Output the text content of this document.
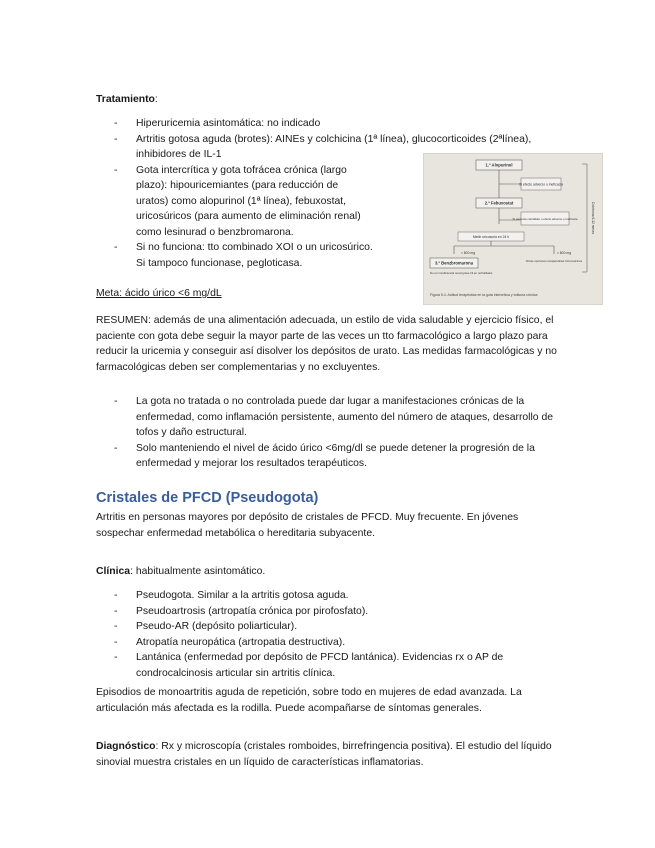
Tratamiento:
- Hiperuricemia asintomática: no indicado
- Artritis gotosa aguda (brotes): AINEs y colchicina (1ª línea), glucocorticoides (2ªlínea), inhibidores de IL-1
- Gota intercrítica y gota tofrácea crónica (largo plazo): hipouricemiantes (para reducción de uratos) como alopurinol (1ª línea), febuxostat, uricosúricos (para aumento de eliminación renal) como lesinurad o benzbromarona.
- Si no funciona: tto combinado XOI o un uricosúrico. Si tampoco funcionase, pegloticasa.
1.º Alopurinol
Si efecto adverso o ineficacia
2.º Febuxostat
Si paciente candidato o efecto adverso o ineficacia
Medir uricosuria en 24 h
< 800 mg	> 800 mg
3.º Benzbromarona
No en insuficiencia renal grave Ni en nefrolitiasis
Otras opciones terapéuticas Uricosúricos
Colchicina 6-12 meses
Figura 5.4. Actitud terapéutica en la gota intercrítica y tofácea crónica
Meta: ácido úrico <6 mg/dL
RESUMEN: además de una alimentación adecuada, un estilo de vida saludable y ejercicio físico, el paciente con gota debe seguir la mayor parte de las veces un tto farmacológico a largo plazo para reducir la uricemia y conseguir así disolver los depósitos de urato. Las medidas farmacológicas y no farmacológicas deben ser complementarias y no excluyentes.
- La gota no tratada o no controlada puede dar lugar a manifestaciones crónicas de la enfermedad, como inflamación persistente, aumento del número de ataques, desarrollo de tofos y daño estructural.
- Solo manteniendo el nivel de ácido úrico <6mg/dl se puede detener la progresión de la enfermedad y mejorar los resultados terapéuticos.
Cristales de PFCD (Pseudogota)
Artritis en personas mayores por depósito de cristales de PFCD. Muy frecuente. En jóvenes sospechar enfermedad metabólica o hereditaria subyacente.
Clínica: habitualmente asintomático.
- Pseudogota. Similar a la artritis gotosa aguda.
- Pseudoartrosis (artropatía crónica por pirofosfato).
- Pseudo-AR (depósito poliarticular).
- Atropatía neuropática (artropatia destructiva).
- Lantánica (enfermedad por depósito de PFCD lantánica). Evidencias rx o AP de condrocalcinosis articular sin artritis clínica.
Episodios de monoartritis aguda de repetición, sobre todo en mujeres de edad avanzada. La articulación más afectada es la rodilla. Puede acompañarse de síntomas generales.
Diagnóstico: Rx y microscopía (cristales romboides, birrefringencia positiva). El estudio del líquido sinovial muestra cristales en un líquido de características inflamatorias.
